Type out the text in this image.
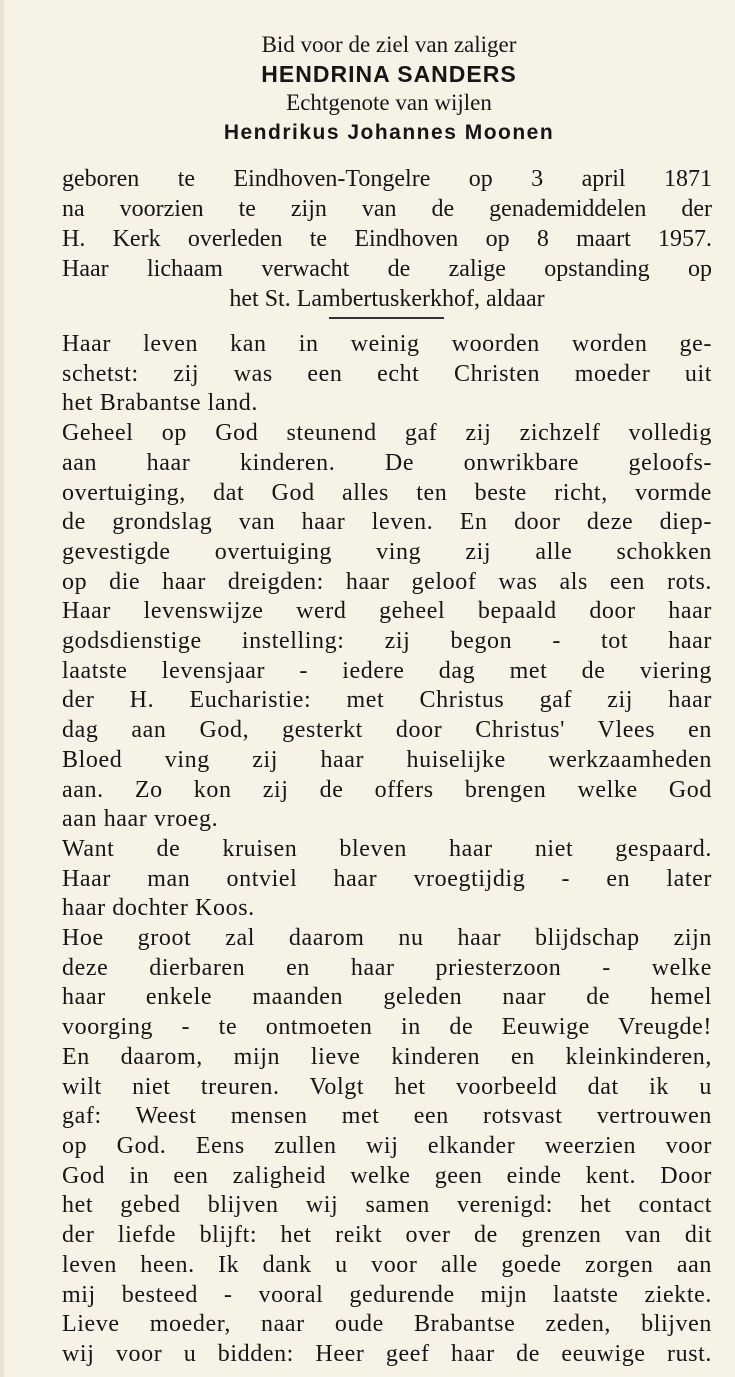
Bid voor de ziel van zaliger
HENDRINA SANDERS
Echtgenote van wijlen
Hendrikus Johannes Moonen
geboren te Eindhoven-Tongelre op 3 april 1871
na voorzien te zijn van de genademiddelen der
H. Kerk overleden te Eindhoven op 8 maart 1957.
Haar lichaam verwacht de zalige opstanding op
het St. Lambertuskerkhof, aldaar
Haar leven kan in weinig woorden worden ge-
schetst: zij was een echt Christen moeder uit
het Brabantse land.
Geheel op God steunend gaf zij zichzelf volledig
aan haar kinderen. De onwrikbare geloofs-
overtuiging, dat God alles ten beste richt, vormde
de grondslag van haar leven. En door deze diep-
gevestigde overtuiging ving zij alle schokken
op die haar dreigden: haar geloof was als een rots.
Haar levenswijze werd geheel bepaald door haar
godsdienstige instelling: zij begon - tot haar
laatste levensjaar - iedere dag met de viering
der H. Eucharistie: met Christus gaf zij haar
dag aan God, gesterkt door Christus' Vlees en
Bloed ving zij haar huiselijke werkzaamheden
aan. Zo kon zij de offers brengen welke God
aan haar vroeg.
Want de kruisen bleven haar niet gespaard.
Haar man ontviel haar vroegtijdig - en later
haar dochter Koos.
Hoe groot zal daarom nu haar blijdschap zijn
deze dierbaren en haar priesterzoon - welke
haar enkele maanden geleden naar de hemel
voorging - te ontmoeten in de Eeuwige Vreugde!
En daarom, mijn lieve kinderen en kleinkinderen,
wilt niet treuren. Volgt het voorbeeld dat ik u
gaf: Weest mensen met een rotsvast vertrouwen
op God. Eens zullen wij elkander weerzien voor
God in een zaligheid welke geen einde kent. Door
het gebed blijven wij samen verenigd: het contact
der liefde blijft: het reikt over de grenzen van dit
leven heen. Ik dank u voor alle goede zorgen aan
mij besteed - vooral gedurende mijn laatste ziekte.
Lieve moeder, naar oude Brabantse zeden, blijven
wij voor u bidden: Heer geef haar de eeuwige rust.
